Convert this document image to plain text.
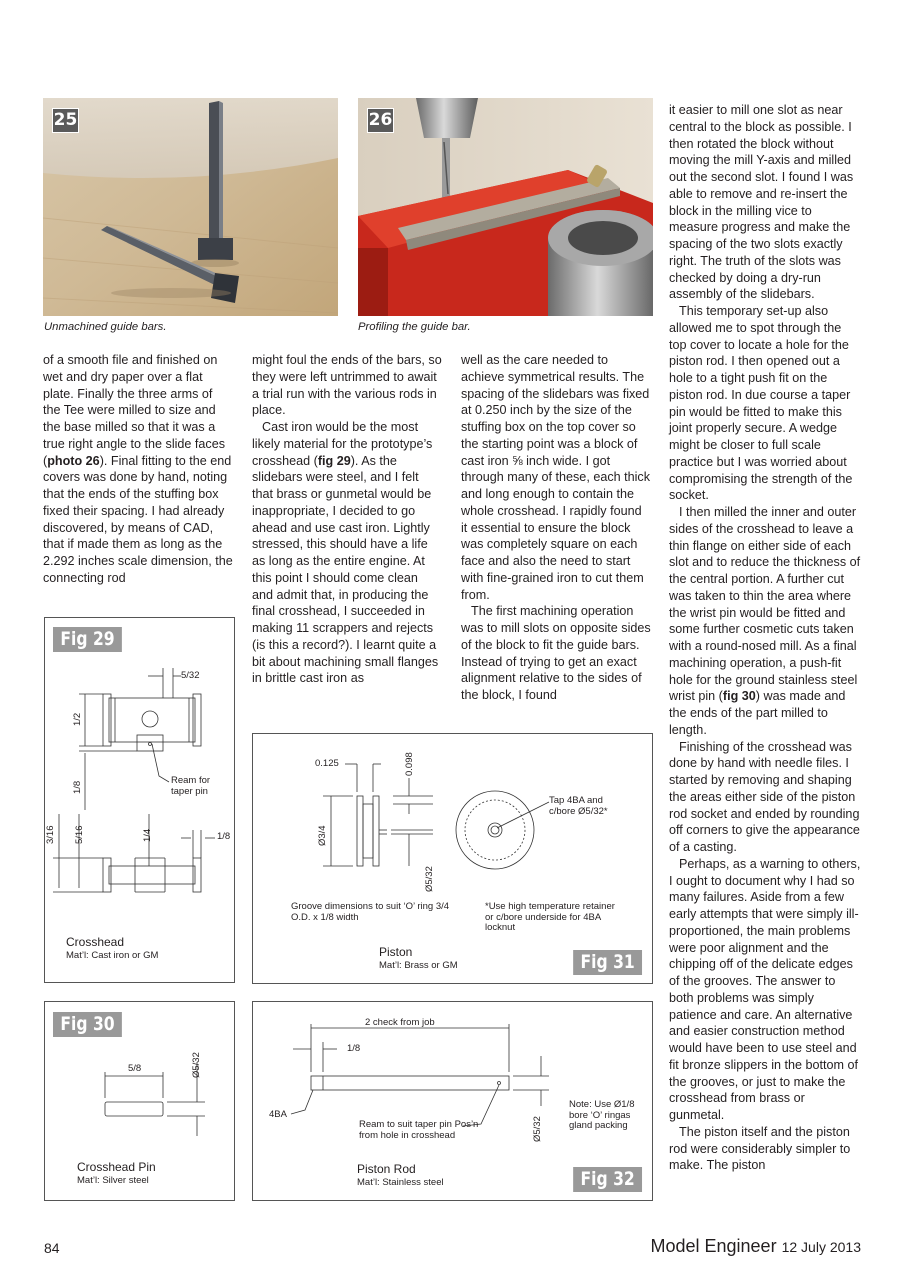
25
Unmachined guide bars.
26
Profiling the guide bar.

of a smooth file and finished on wet and dry paper over a flat plate. Finally the three arms of the Tee were milled to size and the base milled so that it was a true right angle to the slide faces (photo 26). Final fitting to the end covers was done by hand, noting that the ends of the stuffing box fixed their spacing. I had already discovered, by means of CAD, that if made them as long as the 2.292 inches scale dimension, the connecting rod

might foul the ends of the bars, so they were left untrimmed to await a trial run with the various rods in place.

Cast iron would be the most likely material for the prototype’s crosshead (fig 29). As the slidebars were steel, and I felt that brass or gunmetal would be inappropriate, I decided to go ahead and use cast iron. Lightly stressed, this should have a life as long as the entire engine. At this point I should come clean and admit that, in producing the final crosshead, I succeeded in making 11 scrappers and rejects (is this a record?). I learnt quite a bit about machining small flanges in brittle cast iron as

well as the care needed to achieve symmetrical results. The spacing of the slidebars was fixed at 0.250 inch by the size of the stuffing box on the top cover so the starting point was a block of cast iron ⅝ inch wide. I got through many of these, each thick and long enough to contain the whole crosshead. I rapidly found it essential to ensure the block was completely square on each face and also the need to start with fine-grained iron to cut them from.

The first machining operation was to mill slots on opposite sides of the block to fit the guide bars. Instead of trying to get an exact alignment relative to the sides of the block, I found

it easier to mill one slot as near central to the block as possible. I then rotated the block without moving the mill Y-axis and milled out the second slot. I found I was able to remove and re-insert the block in the milling vice to measure progress and make the spacing of the two slots exactly right. The truth of the slots was checked by doing a dry-run assembly of the slidebars.

This temporary set-up also allowed me to spot through the top cover to locate a hole for the piston rod. I then opened out a hole to a tight push fit on the piston rod. In due course a taper pin would be fitted to make this joint properly secure. A wedge might be closer to full scale practice but I was worried about compromising the strength of the socket.

I then milled the inner and outer sides of the crosshead to leave a thin flange on either side of each slot and to reduce the thickness of the central portion. A further cut was taken to thin the area where the wrist pin would be fitted and some further cosmetic cuts taken with a round-nosed mill. As a final machining operation, a push-fit hole for the ground stainless steel wrist pin (fig 30) was made and the ends of the part milled to length.

Finishing of the crosshead was done by hand with needle files. I started by removing and shaping the areas either side of the piston rod socket and ended by rounding off corners to give the appearance of a casting.

Perhaps, as a warning to others, I ought to document why I had so many failures. Aside from a few early attempts that were simply ill-proportioned, the main problems were poor alignment and the chipping off of the delicate edges of the grooves. The answer to both problems was simply patience and care. An alternative and easier construction method would have been to use steel and fit bronze slippers in the bottom of the grooves, or just to make the crosshead from brass or gunmetal.

The piston itself and the piston rod were considerably simpler to make. The piston

Fig 29
5/32
1/2
1/8
Ream for taper pin
3/16 5/16	1/4	1/8
Crosshead
Mat’l: Cast iron or GM
Fig 30
5/8	Ø5/32
Crosshead Pin
Mat’l: Silver steel
0.125	0.098
Ø3/4
Ø5/32
Tap 4BA and c/bore Ø5/32*
Groove dimensions to suit ‘O’ ring 3/4 O.D. x 1/8 width
*Use high temperature retainer or c/bore underside for 4BA locknut
Piston
Mat’l: Brass or GM	Fig 31
2 check from job
1/8
4BA
Ø5/32
Ream to suit taper pin Pos’n from hole in crosshead
Note: Use Ø1/8 bore ‘O’ ringas gland packing
Piston Rod
Mat’l: Stainless steel	Fig 32
84	Model Engineer 12 July 2013
